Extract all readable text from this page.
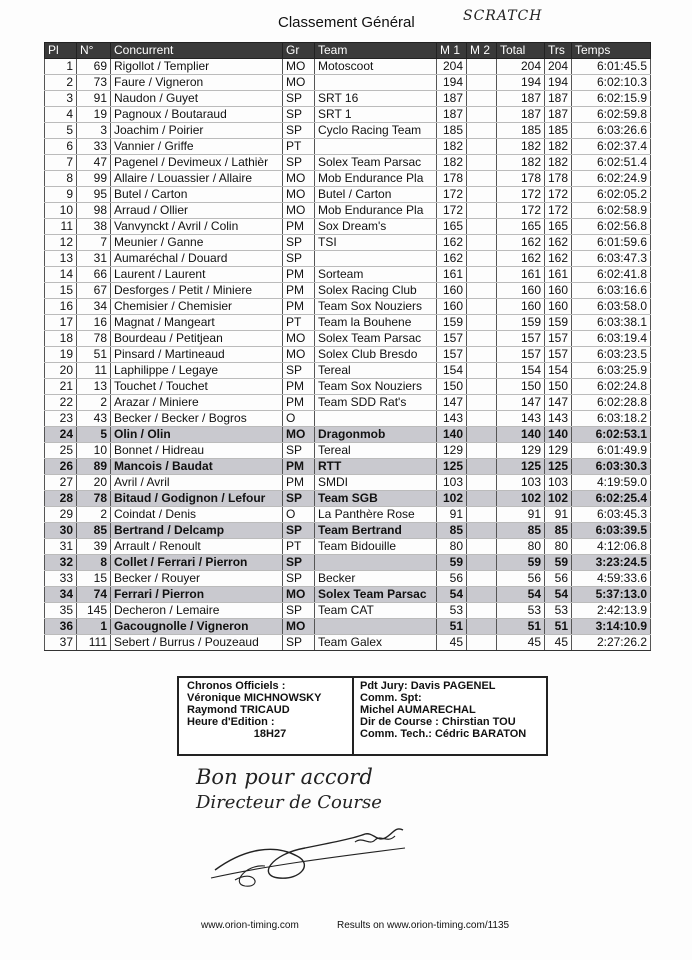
Classement Général	SCRATCH
Pl	N°	Concurrent	Gr	Team	M 1	M 2	Total	Trs	Temps
1	69	Rigollot / Templier	MO	Motoscoot	204		204	204	6:01:45.5
2	73	Faure / Vigneron	MO		194		194	194	6:02:10.3
3	91	Naudon / Guyet	SP	SRT 16	187		187	187	6:02:15.9
4	19	Pagnoux / Boutaraud	SP	SRT 1	187		187	187	6:02:59.8
5	3	Joachim / Poirier	SP	Cyclo Racing Team	185		185	185	6:03:26.6
6	33	Vannier / Griffe	PT		182		182	182	6:02:37.4
7	47	Pagenel / Devimeux / Lathièr	SP	Solex Team Parsac	182		182	182	6:02:51.4
8	99	Allaire / Louassier / Allaire	MO	Mob Endurance Pla	178		178	178	6:02:24.9
9	95	Butel / Carton	MO	Butel / Carton	172		172	172	6:02:05.2
10	98	Arraud / Ollier	MO	Mob Endurance Pla	172		172	172	6:02:58.9
11	38	Vanvynckt / Avril / Colin	PM	Sox Dream's	165		165	165	6:02:56.8
12	7	Meunier / Ganne	SP	TSI	162		162	162	6:01:59.6
13	31	Aumaréchal / Douard	SP		162		162	162	6:03:47.3
14	66	Laurent / Laurent	PM	Sorteam	161		161	161	6:02:41.8
15	67	Desforges / Petit / Miniere	PM	Solex Racing Club	160		160	160	6:03:16.6
16	34	Chemisier / Chemisier	PM	Team Sox Nouziers	160		160	160	6:03:58.0
17	16	Magnat / Mangeart	PT	Team la Bouhene	159		159	159	6:03:38.1
18	78	Bourdeau / Petitjean	MO	Solex Team Parsac	157		157	157	6:03:19.4
19	51	Pinsard / Martineaud	MO	Solex Club Bresdo	157		157	157	6:03:23.5
20	11	Laphilippe / Legaye	SP	Tereal	154		154	154	6:03:25.9
21	13	Touchet / Touchet	PM	Team Sox Nouziers	150		150	150	6:02:24.8
22	2	Arazar / Miniere	PM	Team SDD Rat's	147		147	147	6:02:28.8
23	43	Becker / Becker / Bogros	O		143		143	143	6:03:18.2
24	5	Olin / Olin	MO	Dragonmob	140		140	140	6:02:53.1
25	10	Bonnet / Hidreau	SP	Tereal	129		129	129	6:01:49.9
26	89	Mancois / Baudat	PM	RTT	125		125	125	6:03:30.3
27	20	Avril / Avril	PM	SMDI	103		103	103	4:19:59.0
28	78	Bitaud / Godignon / Lefour	SP	Team SGB	102		102	102	6:02:25.4
29	2	Coindat / Denis	O	La Panthère Rose	91		91	91	6:03:45.3
30	85	Bertrand / Delcamp	SP	Team Bertrand	85		85	85	6:03:39.5
31	39	Arrault / Renoult	PT	Team Bidouille	80		80	80	4:12:06.8
32	8	Collet / Ferrari / Pierron	SP		59		59	59	3:23:24.5
33	15	Becker / Rouyer	SP	Becker	56		56	56	4:59:33.6
34	74	Ferrari / Pierron	MO	Solex Team Parsac	54		54	54	5:37:13.0
35	145	Decheron / Lemaire	SP	Team CAT	53		53	53	2:42:13.9
36	1	Gacougnolle / Vigneron	MO		51		51	51	3:14:10.9
37	111	Sebert / Burrus / Pouzeaud	SP	Team Galex	45		45	45	2:27:26.2
Chronos Officiels :
Véronique MICHNOWSKY
Raymond TRICAUD
Heure d'Edition :
18H27
Pdt Jury: Davis PAGENEL
Comm. Spt:
Michel AUMARECHAL
Dir de Course : Chirstian TOU
Comm. Tech.: Cédric BARATON
Bon pour accord
Directeur de Course
www.orion-timing.com	Results on www.orion-timing.com/1135
